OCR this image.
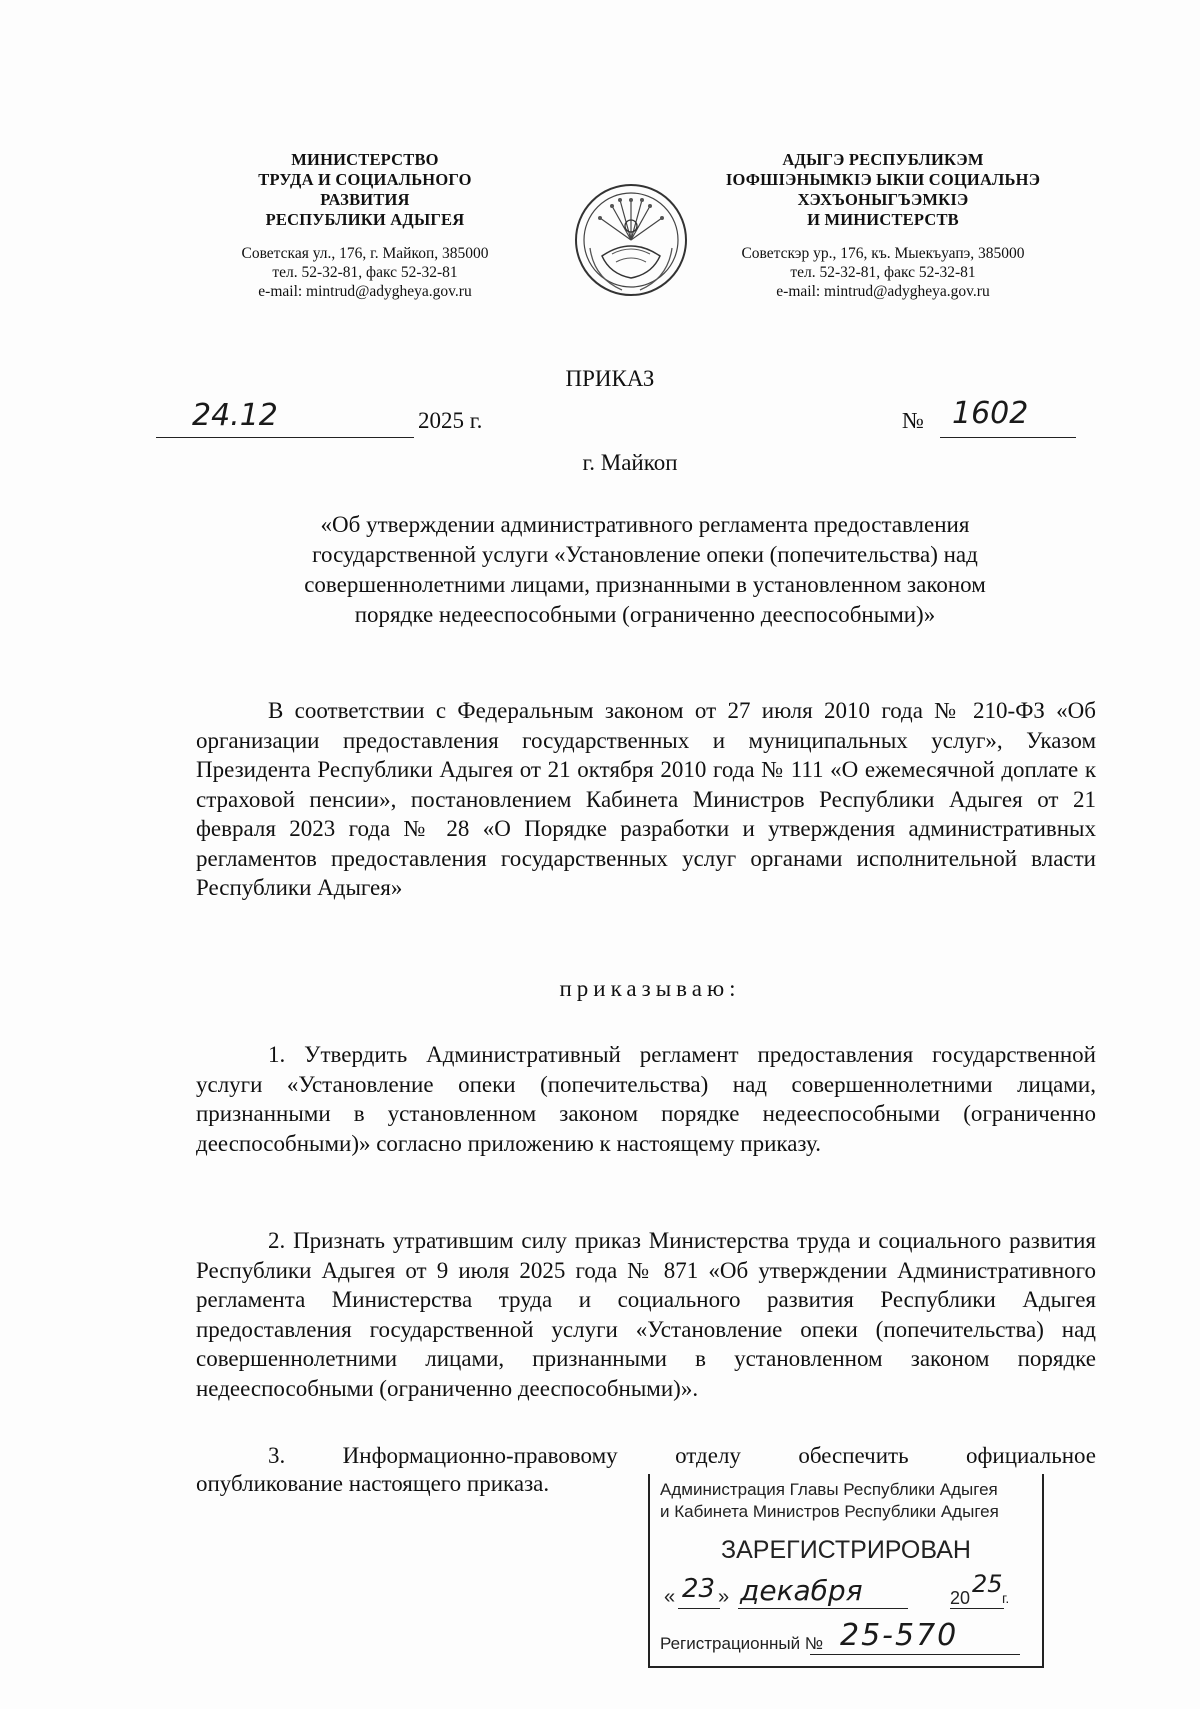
МИНИСТЕРСТВО
ТРУДА И СОЦИАЛЬНОГО
РАЗВИТИЯ
РЕСПУБЛИКИ АДЫГЕЯ
Советская ул., 176, г. Майкоп, 385000
тел. 52-32-81, факс 52-32-81
e-mail: mintrud@adygheya.gov.ru
АДЫГЭ РЕСПУБЛИКЭМ
IОФШIЭНЫМКIЭ ЫКIИ СОЦИАЛЬНЭ
ХЭХЪОНЫГЪЭМКIЭ
И МИНИСТЕРСТВ
Советскэр ур., 176, къ. Мыекъуапэ, 385000
тел. 52-32-81, факс 52-32-81
e-mail: mintrud@adygheya.gov.ru
ПРИКАЗ
24.12	2025 г.	№ 1602
г. Майкоп
«Об утверждении административного регламента предоставления
государственной услуги «Установление опеки (попечительства) над
совершеннолетними лицами, признанными в установленном законом
порядке недееспособными (ограниченно дееспособными)»
В соответствии с Федеральным законом от 27 июля 2010 года № 210-ФЗ «Об организации предоставления государственных и муниципальных услуг», Указом Президента Республики Адыгея от 21 октября 2010 года № 111 «О ежемесячной доплате к страховой пенсии», постановлением Кабинета Министров Республики Адыгея от 21 февраля 2023 года № 28 «О Порядке разработки и утверждения административных регламентов предоставления государственных услуг органами исполнительной власти Республики Адыгея»
приказываю:
1. Утвердить Административный регламент предоставления государственной услуги «Установление опеки (попечительства) над совершеннолетними лицами, признанными в установленном законом порядке недееспособными (ограниченно дееспособными)» согласно приложению к настоящему приказу.
2. Признать утратившим силу приказ Министерства труда и социального развития Республики Адыгея от 9 июля 2025 года № 871 «Об утверждении Административного регламента Министерства труда и социального развития Республики Адыгея предоставления государственной услуги «Установление опеки (попечительства) над совершеннолетними лицами, признанными в установленном законом порядке недееспособными (ограниченно дееспособными)».
3. Информационно-правовому отделу обеспечить официальное
опубликование настоящего приказа.	Администрация Главы Республики Адыгея
и Кабинета Министров Республики Адыгея
ЗАРЕГИСТРИРОВАН
« 23 » декабря	20 25 г.
Регистрационный № 25-570
